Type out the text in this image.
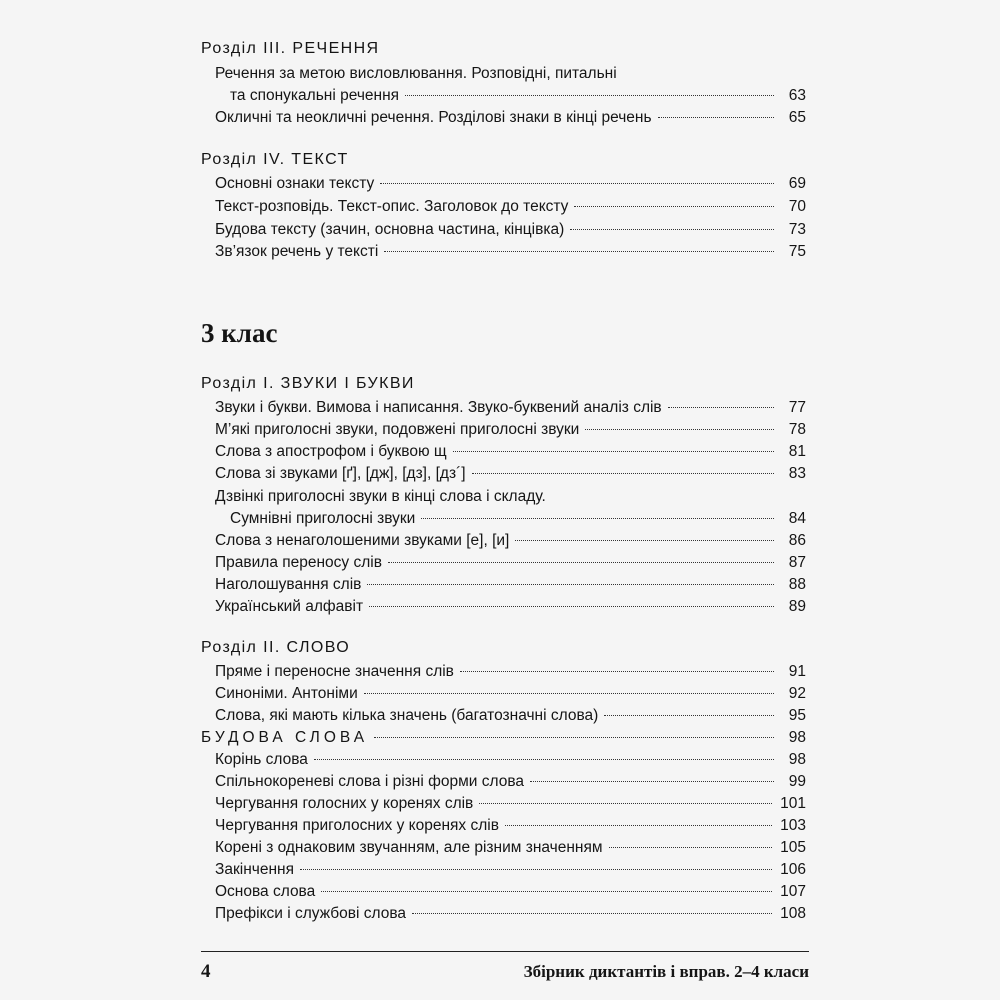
Розділ III. РЕЧЕННЯ
Речення за метою висловлювання. Розповідні, питальні
та спонукальні речення	63
Окличні та неокличні речення. Розділові знаки в кінці речень	65
Розділ IV. ТЕКСТ
Основні ознаки тексту	69
Текст-розповідь. Текст-опис. Заголовок до тексту	70
Будова тексту (зачин, основна частина, кінцівка)	73
Зв’язок речень у тексті	75
3 клас
Розділ I. ЗВУКИ І БУКВИ
Звуки і букви. Вимова і написання. Звуко-буквений аналіз слів	77
М’які приголосні звуки, подовжені приголосні звуки	78
Слова з апострофом і буквою щ	81
Слова зі звуками [ґ], [дж], [дз], [дз´]	83
Дзвінкі приголосні звуки в кінці слова і складу.
Сумнівні приголосні звуки	84
Слова з ненаголошеними звуками [е], [и]	86
Правила переносу слів	87
Наголошування слів	88
Український алфавіт	89
Розділ II. СЛОВО
Пряме і переносне значення слів	91
Синоніми. Антоніми	92
Слова, які мають кілька значень (багатозначні слова)	95
БУДОВА СЛОВА	98
Корінь слова	98
Спільнокореневі слова і різні форми слова	99
Чергування голосних у коренях слів	101
Чергування приголосних у коренях слів	103
Корені з однаковим звучанням, але різним значенням	105
Закінчення	106
Основа слова	107
Префікси і службові слова	108
4	Збірник диктантів і вправ. 2–4 класи
